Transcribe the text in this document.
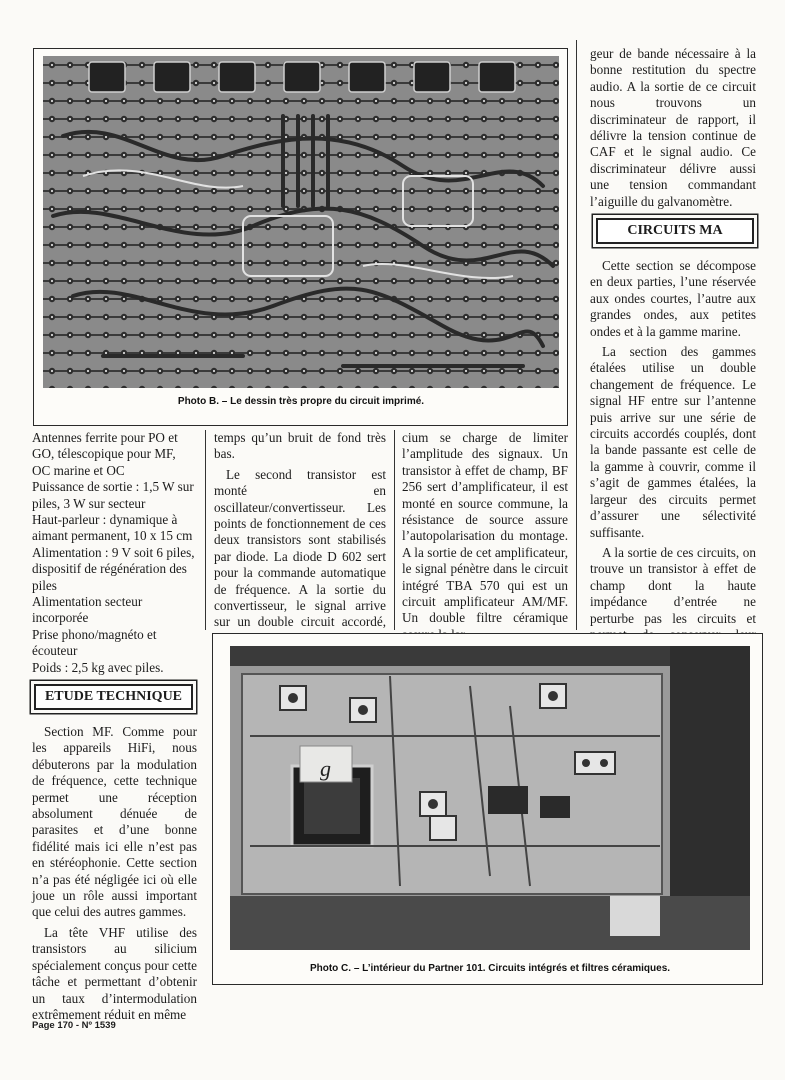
Photo B. – Le dessin très propre du circuit imprimé.
Antennes ferrite pour PO et GO, télescopique pour MF, OC marine et OC
Puissance de sortie : 1,5 W sur piles, 3 W sur secteur
Haut-parleur : dynamique à aimant permanent, 10 x 15 cm
Alimentation : 9 V soit 6 piles, dispositif de régénération des piles
Alimentation secteur incorporée
Prise phono/magnéto et écouteur
Poids : 2,5 kg avec piles.
ETUDE TECHNIQUE

Section MF. Comme pour les appareils HiFi, nous débuterons par la modulation de fréquence, cette technique permet une réception absolument dénuée de parasites et d’une bonne fidélité mais ici elle n’est pas en stéréophonie. Cette section n’a pas été négligée ici où elle joue un rôle aussi important que celui des autres gammes.

La tête VHF utilise des transistors au silicium spécialement conçus pour cette tâche et permettant d’obtenir un taux d’intermodulation extrêmement réduit en même

temps qu’un bruit de fond très bas.

Le second transistor est monté en oscillateur/convertisseur. Les points de fonctionnement de ces deux transistors sont stabilisés par diode. La diode D 602 sert pour la commande automatique de fréquence. A la sortie du convertisseur, le signal arrive sur un double circuit accordé,

cium se charge de limiter l’amplitude des signaux. Un transistor à effet de champ, BF 256 sert d’amplificateur, il est monté en source commune, la résistance de source assure l’autopolarisation du montage. A la sortie de cet amplificateur, le signal pénètre dans le circuit intégré TBA 570 qui est un circuit amplificateur AM/MF. Un double filtre céramique

geur de bande nécessaire à la bonne restitution du spectre audio. A la sortie de ce circuit nous trouvons un discriminateur de rapport, il délivre la tension continue de CAF et le signal audio. Ce discriminateur délivre aussi une tension commandant l’aiguille du galvanomètre.

CIRCUITS MA

Cette section se décompose en deux parties, l’une réservée aux ondes courtes, l’autre aux grandes ondes, aux petites ondes et à la gamme marine.

La section des gammes étalées utilise un double changement de fréquence. Le signal HF entre sur l’antenne puis arrive sur une série de circuits accordés couplés, dont la bande passante est celle de la gamme à couvrir, comme il s’agit de gammes étalées, la largeur des circuits permet d’assurer une sélectivité suffisante.

A la sortie de ces circuits, on trouve un transistor à effet de champ dont la haute impédance d’entrée ne perturbe pas les circuits et

g
Photo C. – L’intérieur du Partner 101. Circuits intégrés et filtres céramiques.
Page 170 - Nº 1539
